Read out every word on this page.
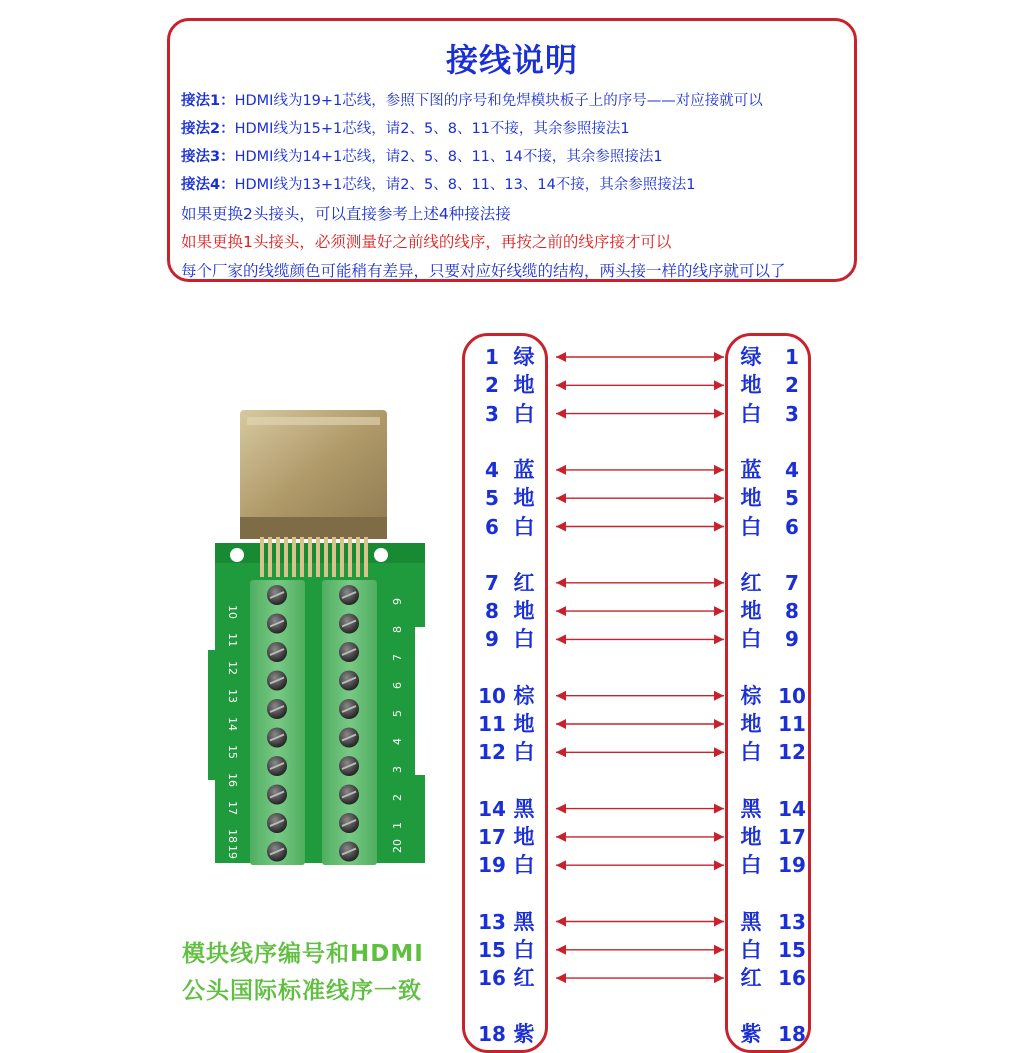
接线说明
接法1：HDMI线为19+1芯线，参照下图的序号和免焊模块板子上的序号——对应接就可以
接法2：HDMI线为15+1芯线，请2、5、8、11不接，其余参照接法1
接法3：HDMI线为14+1芯线，请2、5、8、11、14不接，其余参照接法1
接法4：HDMI线为13+1芯线，请2、5、8、11、13、14不接，其余参照接法1
如果更换2头接头，可以直接参考上述4种接法接
如果更换1头接头，必须测量好之前线的线序，再按之前的线序接才可以
每个厂家的线缆颜色可能稍有差异，只要对应好线缆的结构，两头接一样的线序就可以了
10
11
12
13
14
15
16
17
18
19
9
8
7
6
5
4
3
2
1
20
模块线序编号和HDMI
公头国际标准线序一致
1 绿	绿	1
2 地	地	2
3 白	白	3
4 蓝	蓝	4
5 地	地	5
6 白	白	6
7 红	红	7
8 地	地	8
9 白	白	9
10 棕	棕 10
11 地	地 11
12 白	白 12
14 黑	黑 14
17 地	地 17
19 白	白 19
13 黑	黑 13
15 白	白 15
16 红	红 16
18 紫	紫 18
